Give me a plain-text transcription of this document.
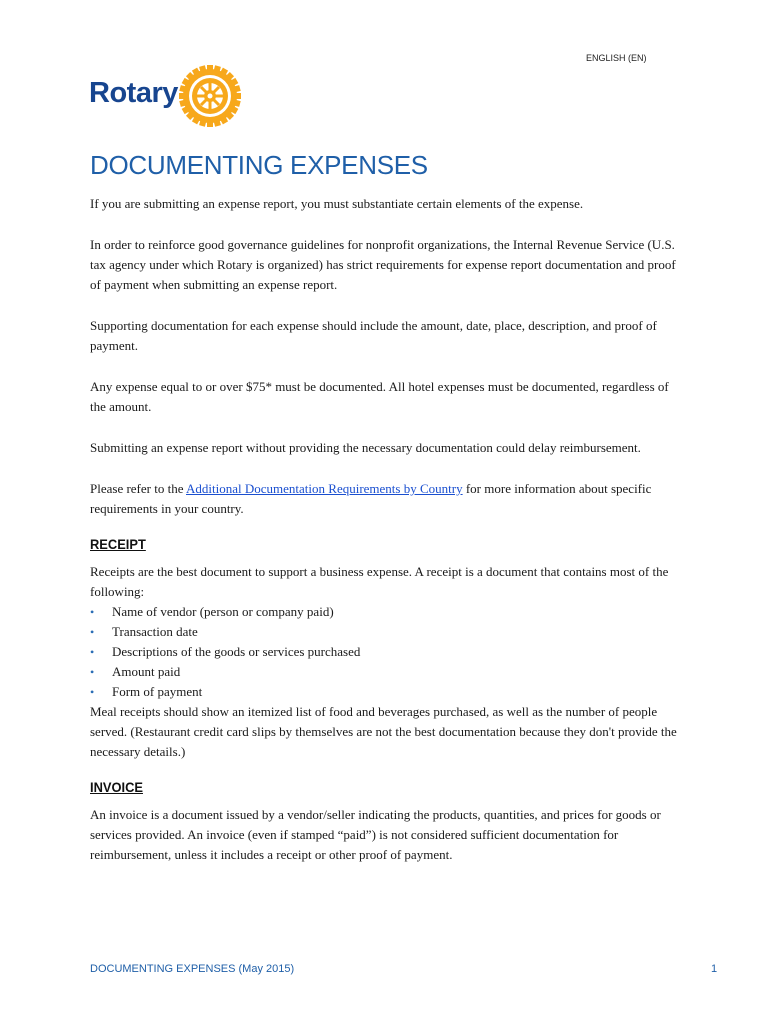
ENGLISH (EN)
Rotary
DOCUMENTING EXPENSES

If you are submitting an expense report, you must substantiate certain elements of the expense.

In order to reinforce good governance guidelines for nonprofit organizations, the Internal Revenue Service (U.S. tax agency under which Rotary is organized) has strict requirements for expense report documentation and proof of payment when submitting an expense report.

Supporting documentation for each expense should include the amount, date, place, description, and proof of payment.

Any expense equal to or over $75* must be documented. All hotel expenses must be documented, regardless of the amount.

Submitting an expense report without providing the necessary documentation could delay reimbursement.

Please refer to the Additional Documentation Requirements by Country for more information about specific requirements in your country.

RECEIPT
Receipts are the best document to support a business expense. A receipt is a document that contains most of the following:
• Name of vendor (person or company paid)
• Transaction date
• Descriptions of the goods or services purchased
• Amount paid
• Form of payment
Meal receipts should show an itemized list of food and beverages purchased, as well as the number of people served. (Restaurant credit card slips by themselves are not the best documentation because they don't provide the necessary details.)
INVOICE
An invoice is a document issued by a vendor/seller indicating the products, quantities, and prices for goods or services provided. An invoice (even if stamped “paid”) is not considered sufficient documentation for reimbursement, unless it includes a receipt or other proof of payment.
DOCUMENTING EXPENSES (May 2015)	1
